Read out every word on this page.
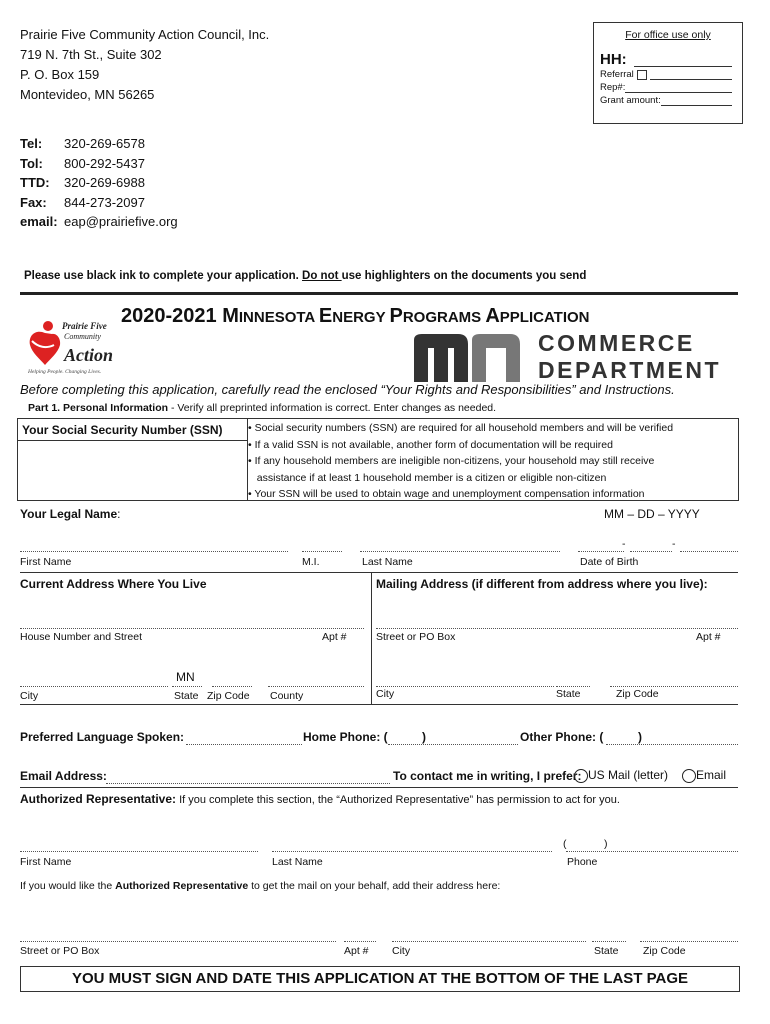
Prairie Five Community Action Council, Inc.
719 N. 7th St., Suite 302
P. O. Box 159
Montevideo, MN 56265
Tel:	320-269-6578
Tol:	800-292-5437
TTD:	320-269-6988
Fax:	844-273-2097
email: eap@prairiefive.org
For office use only
HH:
Referral
Rep#:
Grant amount:
Please use black ink to complete your application. Do not use highlighters on the documents you send
2020-2021 MINNESOTA ENERGY PROGRAMS APPLICATION
Prairie Five
Community
Action
Helping People. Changing Lives.
COMMERCE
DEPARTMENT
Before completing this application, carefully read the enclosed “Your Rights and Responsibilities” and Instructions.
Part 1. Personal Information - Verify all preprinted information is correct. Enter changes as needed.
Your Social Security Number (SSN)	• Social security numbers (SSN) are required for all household members and will be verified
• If a valid SSN is not available, another form of documentation will be required
• If any household members are ineligible non-citizens, your household may still receive
assistance if at least 1 household member is a citizen or eligible non-citizen
• Your SSN will be used to obtain wage and unemployment compensation information
Your Legal Name:	MM – DD – YYYY
-	-
First Name	M.I.	Last Name	Date of Birth
Current Address Where You Live	Mailing Address (if different from address where you live):
House Number and Street	Apt #	Street or PO Box	Apt #
MN
City	State Zip Code County	City	State	Zip Code
Preferred Language Spoken:	Home Phone: (	)	Other Phone: (	)
Email Address:	To contact me in writing, I prefer: US Mail (letter)	Email
Authorized Representative: If you complete this section, the “Authorized Representative” has permission to act for you.
(	)
First Name	Last Name	Phone
If you would like the Authorized Representative to get the mail on your behalf, add their address here:
Street or PO Box	Apt # City	State Zip Code
YOU MUST SIGN AND DATE THIS APPLICATION AT THE BOTTOM OF THE LAST PAGE
